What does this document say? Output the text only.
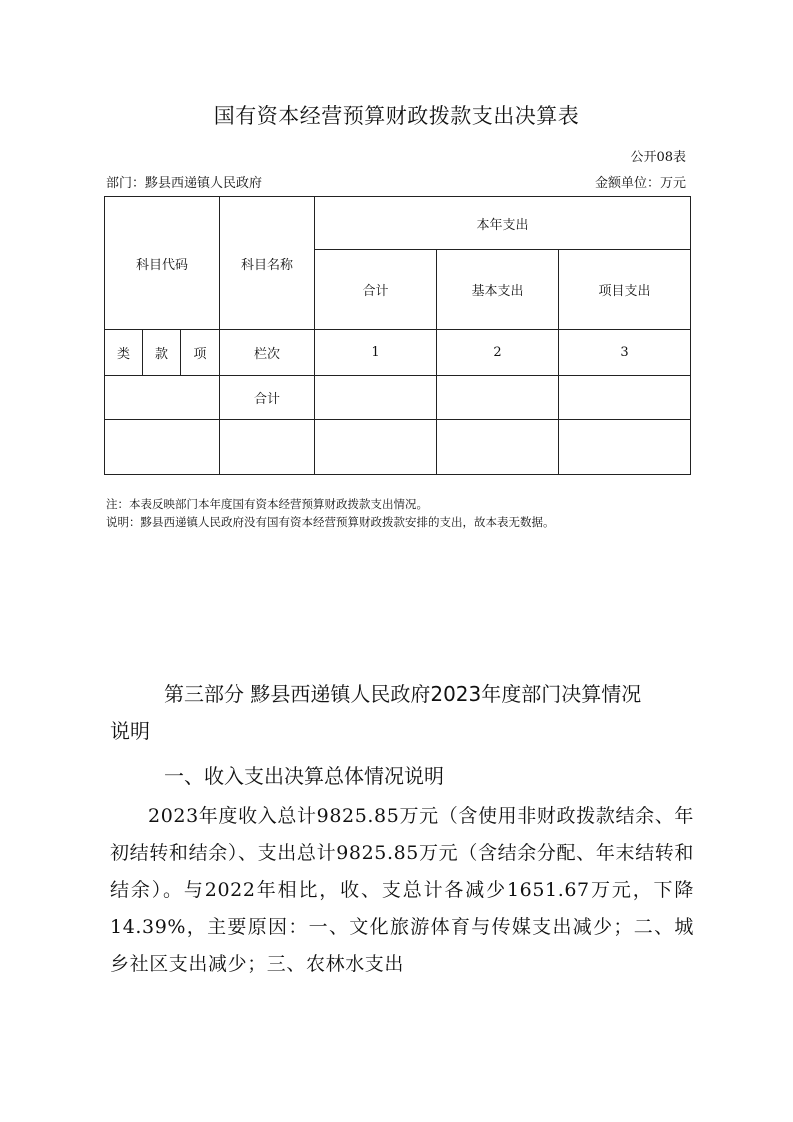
国有资本经营预算财政拨款支出决算表
公开08表
部门：黟县西递镇人民政府	金额单位：万元
科目代码			科目名称	本年支出		
				合计	基本支出	项目支出
类	款	项	栏次	1	2	3
			合计			

注：本表反映部门本年度国有资本经营预算财政拨款支出情况。
说明：黟县西递镇人民政府没有国有资本经营预算财政拨款安排的支出，故本表无数据。
第三部分 黟县西递镇人民政府2023年度部门决算情况
说明
一、收入支出决算总体情况说明
2023年度收入总计9825.85万元（含使用非财政拨款结余、年初结转和结余）、支出总计9825.85万元（含结余分配、年末结转和结余）。与2022年相比，收、支总计各减少1651.67万元，下降14.39%，主要原因：一、文化旅游体育与传媒支出减少；二、城乡社区支出减少；三、农林水支出
